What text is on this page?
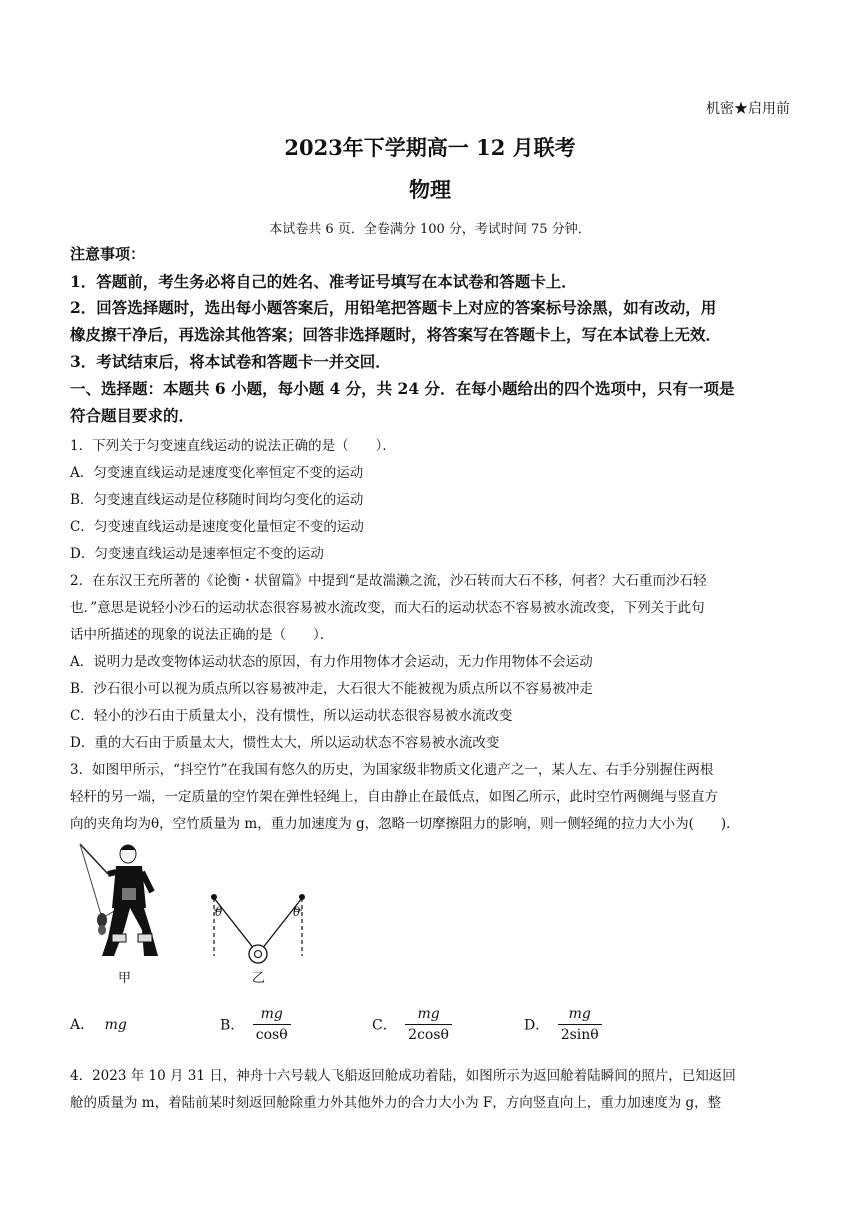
机密★启用前
2023年下学期高一 12 月联考
物理
本试卷共 6 页．全卷满分 100 分，考试时间 75 分钟．
注意事项：
1．答题前，考生务必将自己的姓名、准考证号填写在本试卷和答题卡上．
2．回答选择题时，选出每小题答案后，用铅笔把答题卡上对应的答案标号涂黑，如有改动，用
橡皮擦干净后，再选涂其他答案；回答非选择题时，将答案写在答题卡上，写在本试卷上无效．
3．考试结束后，将本试卷和答题卡一并交回．
一、选择题：本题共 6 小题，每小题 4 分，共 24 分．在每小题给出的四个选项中，只有一项是
符合题目要求的．
1．下列关于匀变速直线运动的说法正确的是（　　）．
A．匀变速直线运动是速度变化率恒定不变的运动
B．匀变速直线运动是位移随时间均匀变化的运动
C．匀变速直线运动是速度变化量恒定不变的运动
D．匀变速直线运动是速率恒定不变的运动
2．在东汉王充所著的《论衡・状留篇》中提到“是故湍濑之流，沙石转而大石不移，何者？大石重而沙石轻
也．”意思是说轻小沙石的运动状态很容易被水流改变，而大石的运动状态不容易被水流改变，下列关于此句
话中所描述的现象的说法正确的是（　　）．
A．说明力是改变物体运动状态的原因，有力作用物体才会运动，无力作用物体不会运动
B．沙石很小可以视为质点所以容易被冲走，大石很大不能被视为质点所以不容易被冲走
C．轻小的沙石由于质量太小，没有惯性，所以运动状态很容易被水流改变
D．重的大石由于质量太大，惯性太大，所以运动状态不容易被水流改变
3．如图甲所示，“抖空竹”在我国有悠久的历史，为国家级非物质文化遗产之一，某人左、右手分别握住两根
轻杆的另一端，一定质量的空竹架在弹性轻绳上，自由静止在最低点，如图乙所示，此时空竹两侧绳与竖直方
向的夹角均为θ，空竹质量为 m，重力加速度为 g，忽略一切摩擦阻力的影响，则一侧轻绳的拉力大小为(　　)．
甲
θ	θ
乙
A． mg	B． $\frac{mg}{\cos\theta}$	C． $\frac{mg}{2\cos\theta}$	D． $\frac{mg}{2\sin\theta}$
4．2023 年 10 月 31 日，神舟十六号载人飞船返回舱成功着陆，如图所示为返回舱着陆瞬间的照片，已知返回
舱的质量为 m，着陆前某时刻返回舱除重力外其他外力的合力大小为 F，方向竖直向上，重力加速度为 g，整
